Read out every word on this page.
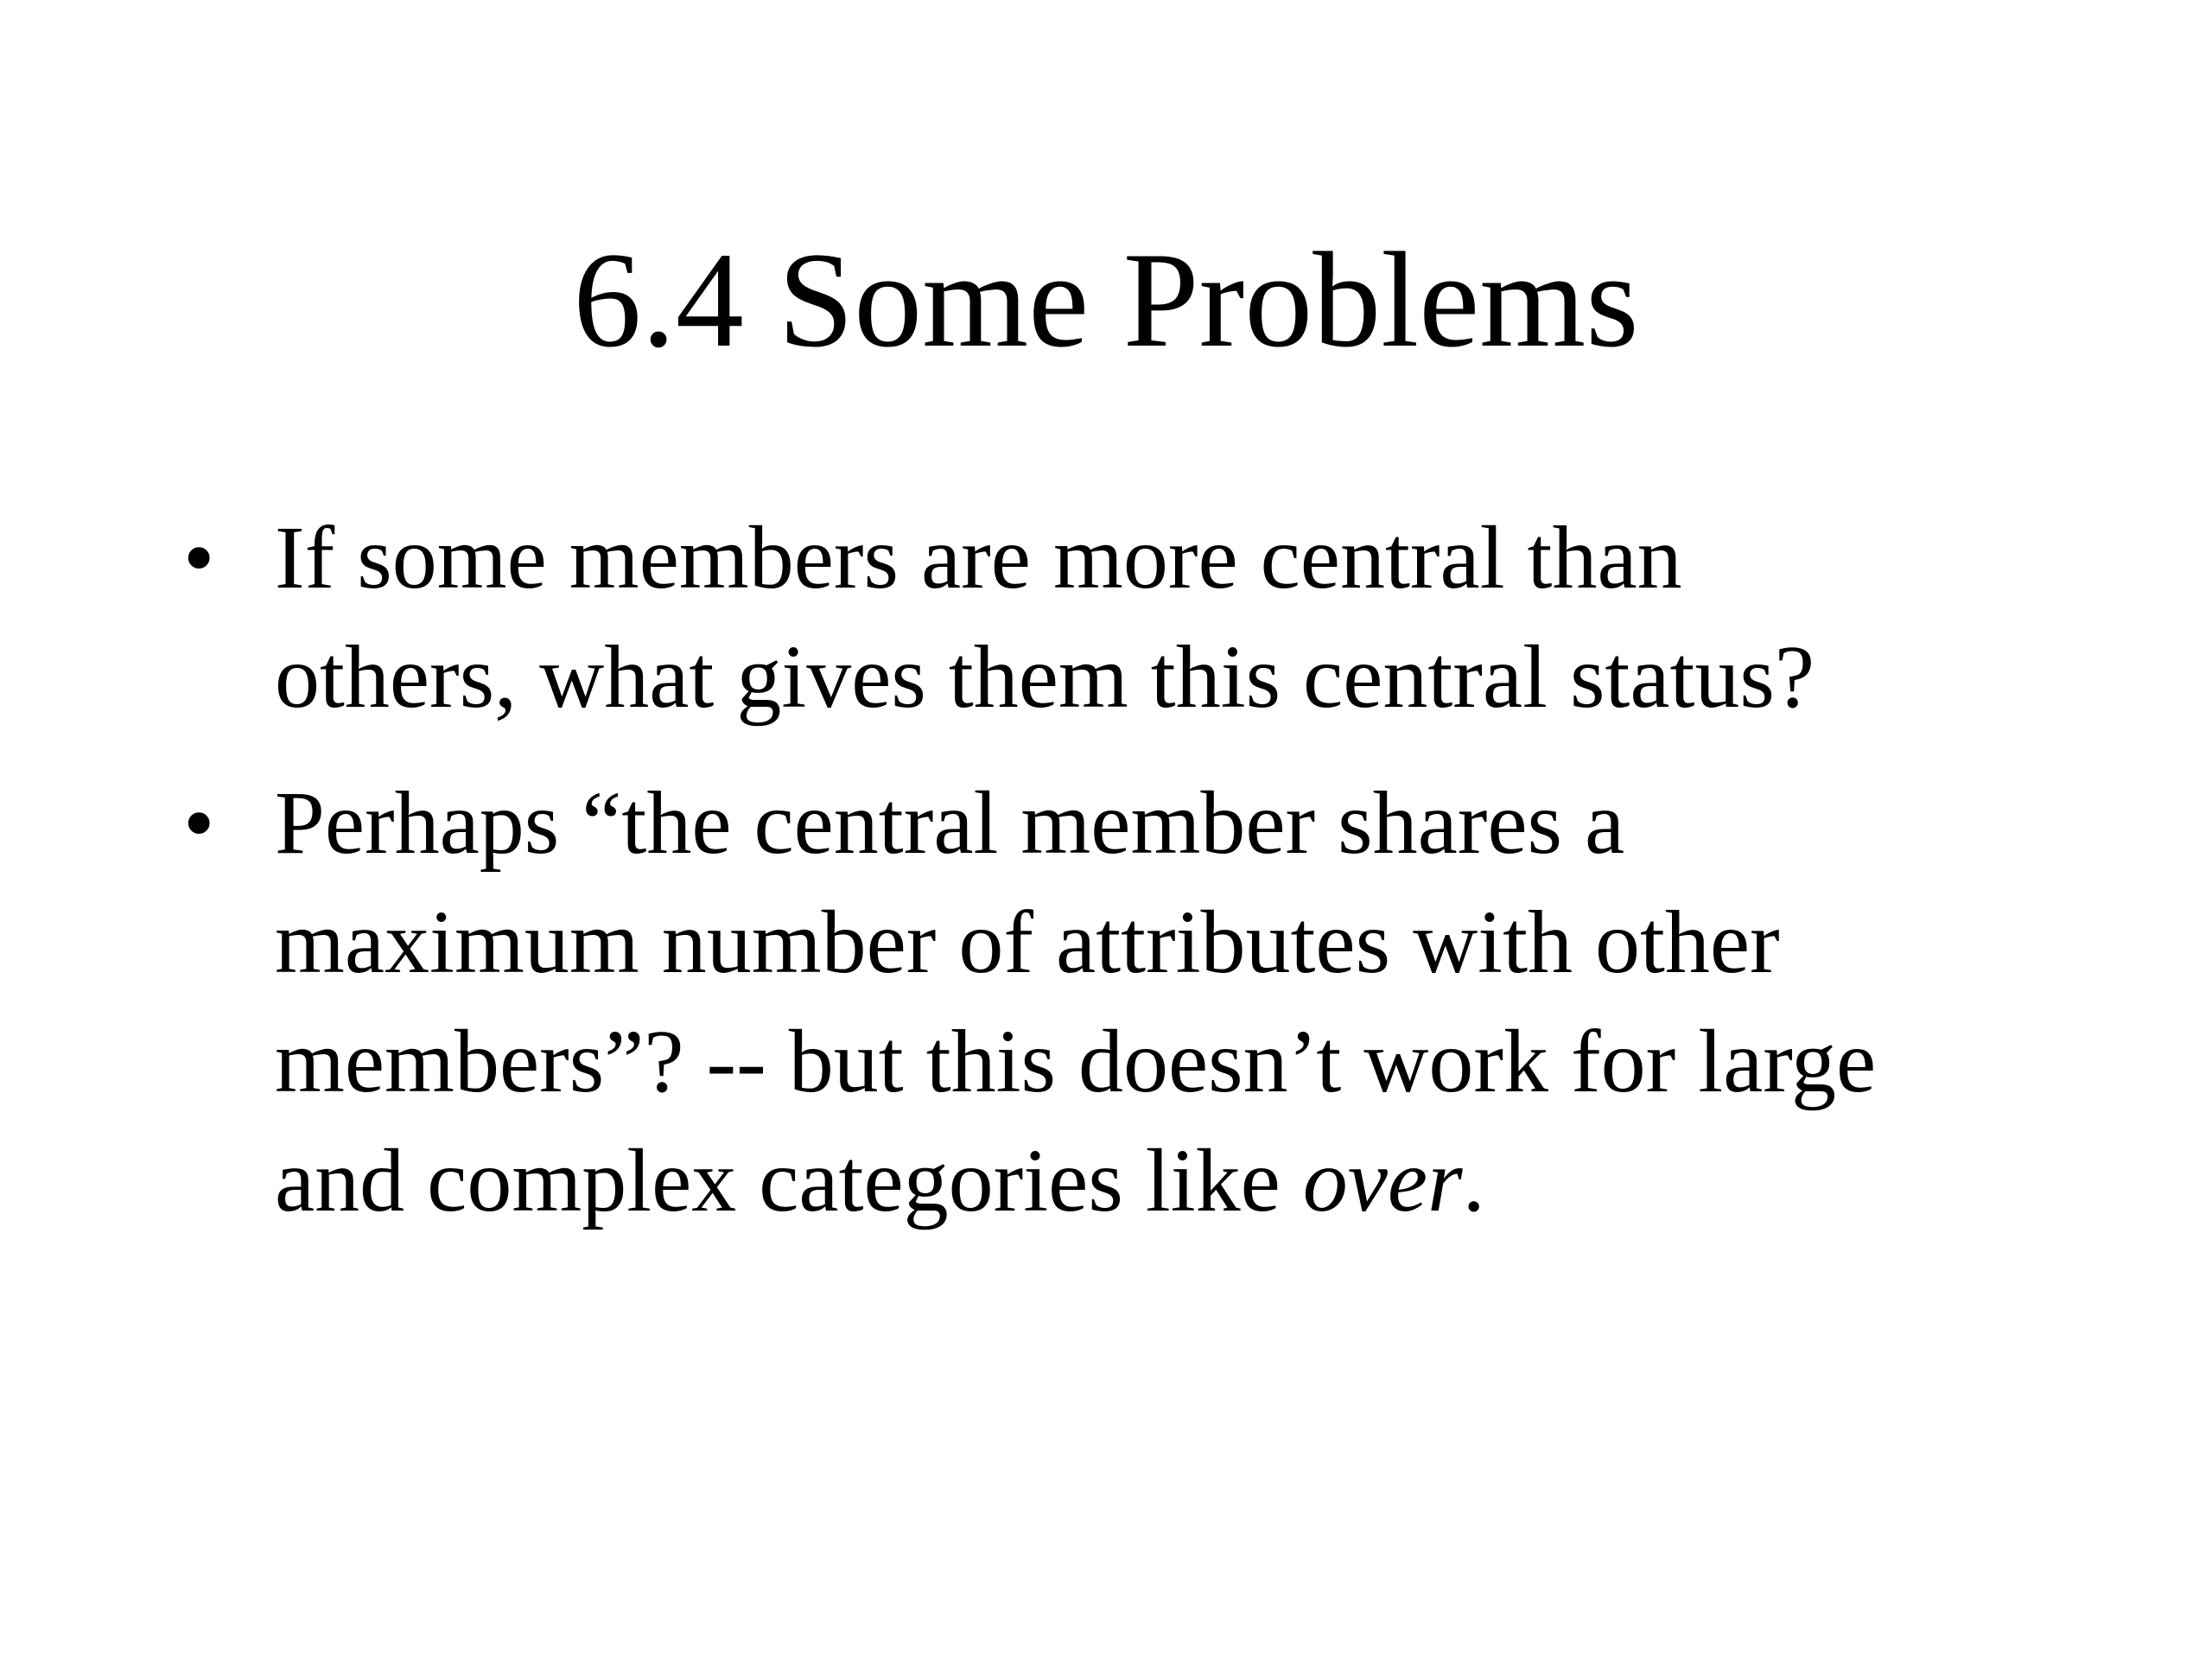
6.4 Some Problems
• If some members are more central than
others, what gives them this central status?
• Perhaps “the central member shares a
maximum number of attributes with other
members”? -- but this doesn’t work for large
and complex categories like over.
